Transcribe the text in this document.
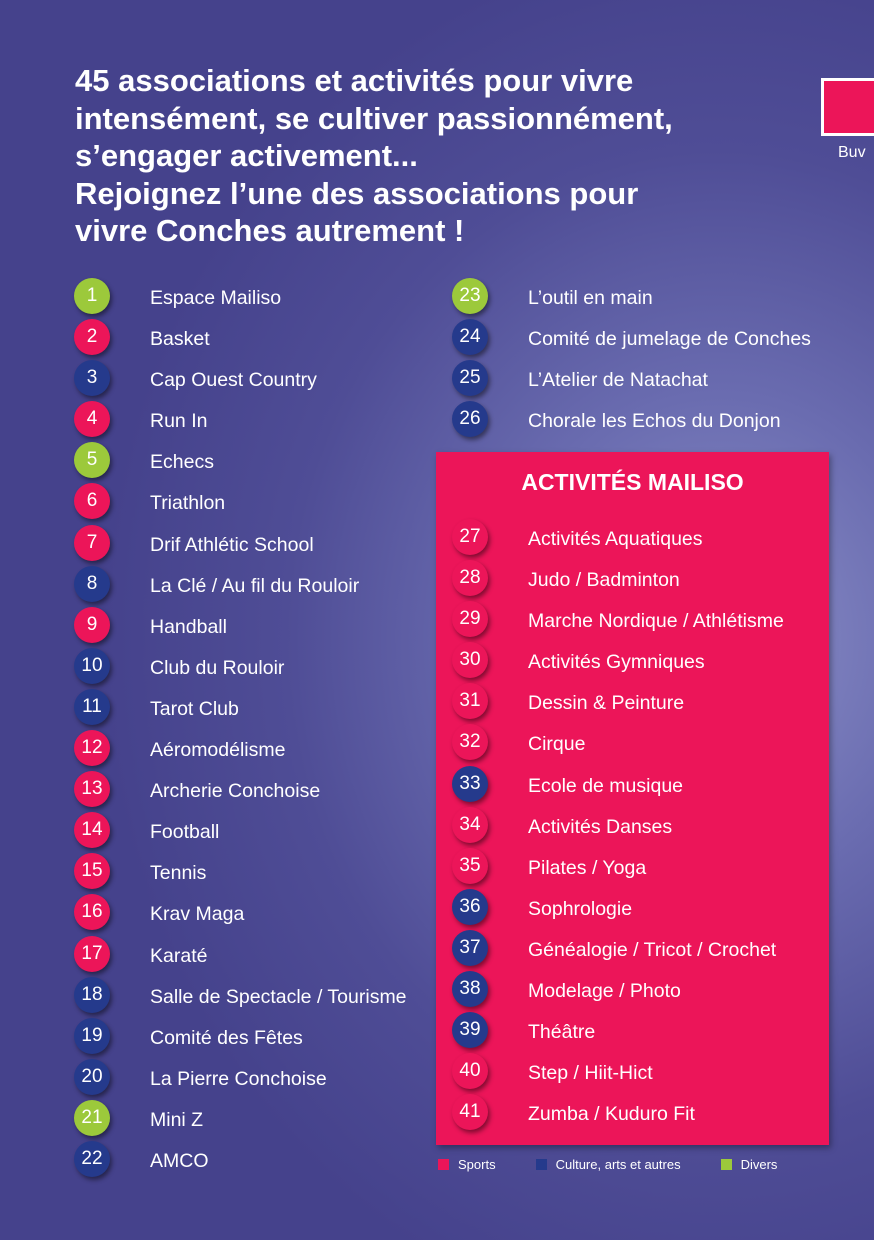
45 associations et activités pour vivre
intensément, se cultiver passionnément,
s’engager activement...
Rejoignez l’une des associations pour
vivre Conches autrement !
Buv
1	Espace Mailiso
2	Basket
3	Cap Ouest Country
4	Run In
5	Echecs
6	Triathlon
7	Drif Athlétic School
8	La Clé / Au fil du Rouloir
9	Handball
10	Club du Rouloir
11	Tarot Club
12	Aéromodélisme
13	Archerie Conchoise
14	Football
15	Tennis
16	Krav Maga
17	Karaté
18	Salle de Spectacle / Tourisme
19	Comité des Fêtes
20	La Pierre Conchoise
21	Mini Z
22	AMCO
23	L’outil en main
24	Comité de jumelage de Conches
25	L’Atelier de Natachat
26	Chorale les Echos du Donjon
ACTIVITÉS MAILISO
27	Activités Aquatiques
28	Judo / Badminton
29	Marche Nordique / Athlétisme
30	Activités Gymniques
31	Dessin & Peinture
32	Cirque
33	Ecole de musique
34	Activités Danses
35	Pilates / Yoga
36	Sophrologie
37	Généalogie / Tricot / Crochet
38	Modelage / Photo
39	Théâtre
40	Step / Hiit-Hict
41	Zumba / Kuduro Fit
Sports	Culture, arts et autres	Divers
